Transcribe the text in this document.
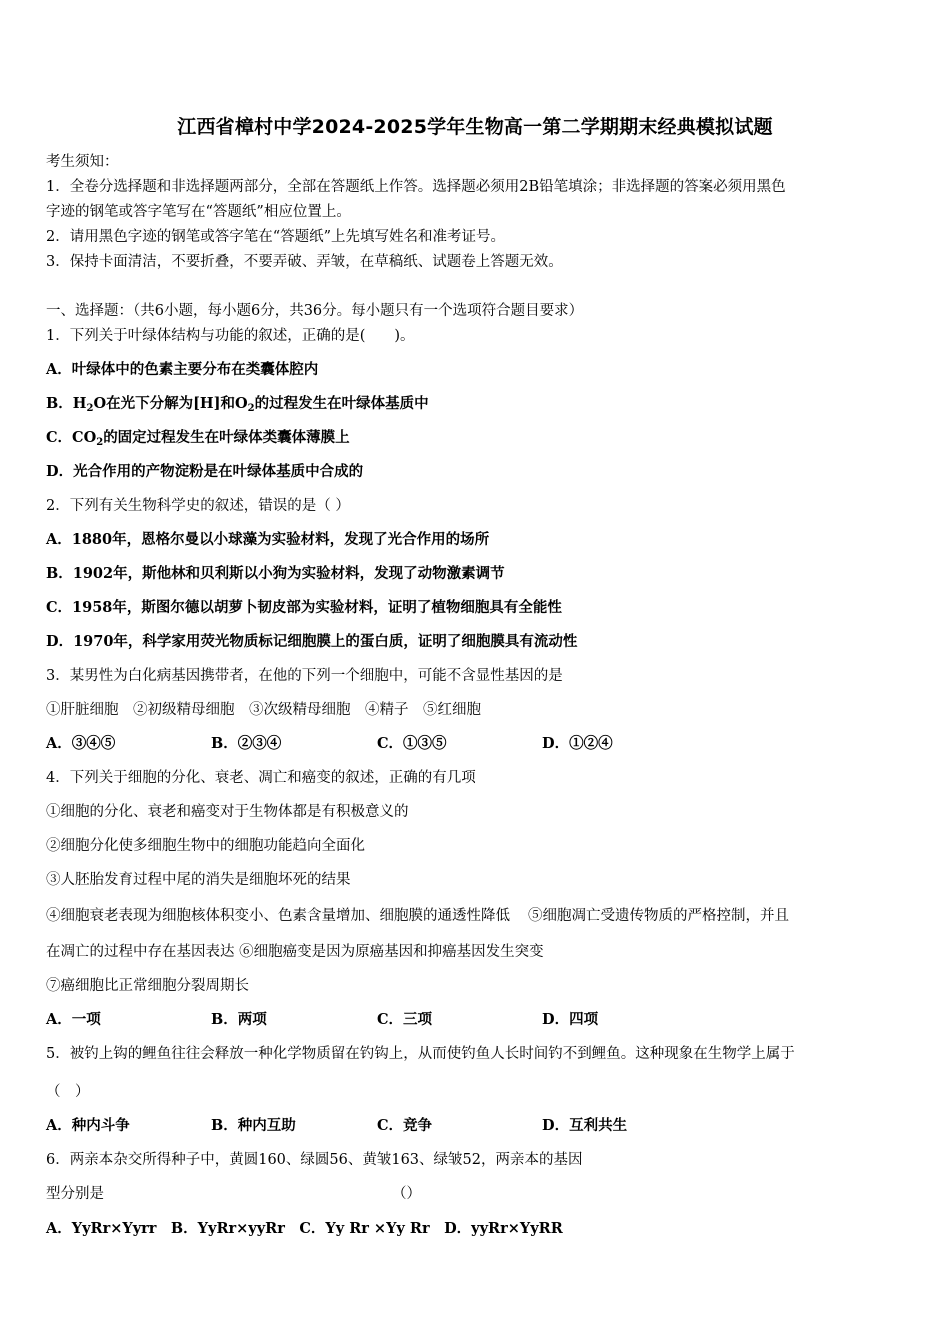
江西省樟村中学2024-2025学年生物高一第二学期期末经典模拟试题
考生须知：
1．全卷分选择题和非选择题两部分，全部在答题纸上作答。选择题必须用2B铅笔填涂；非选择题的答案必须用黑色
字迹的钢笔或答字笔写在“答题纸”相应位置上。
2．请用黑色字迹的钢笔或答字笔在“答题纸”上先填写姓名和准考证号。
3．保持卡面清洁，不要折叠，不要弄破、弄皱，在草稿纸、试题卷上答题无效。
一、选择题：（共6小题，每小题6分，共36分。每小题只有一个选项符合题目要求）
1．下列关于叶绿体结构与功能的叙述，正确的是(　　)。
A．叶绿体中的色素主要分布在类囊体腔内
B．$H_2O$在光下分解为[H]和$O_2$的过程发生在叶绿体基质中
C．$CO_2$的固定过程发生在叶绿体类囊体薄膜上
D．光合作用的产物淀粉是在叶绿体基质中合成的
2．下列有关生物科学史的叙述，错误的是（ ）
A．1880年，恩格尔曼以小球藻为实验材料，发现了光合作用的场所
B．1902年，斯他林和贝利斯以小狗为实验材料，发现了动物激素调节
C．1958年，斯图尔德以胡萝卜韧皮部为实验材料，证明了植物细胞具有全能性
D．1970年，科学家用荧光物质标记细胞膜上的蛋白质，证明了细胞膜具有流动性
3．某男性为白化病基因携带者，在他的下列一个细胞中，可能不含显性基因的是
①肝脏细胞　②初级精母细胞　③次级精母细胞　④精子　⑤红细胞
A．③④⑤	B．②③④	C．①③⑤	D．①②④
4．下列关于细胞的分化、衰老、凋亡和癌变的叙述，正确的有几项
①细胞的分化、衰老和癌变对于生物体都是有积极意义的
②细胞分化使多细胞生物中的细胞功能趋向全面化
③人胚胎发育过程中尾的消失是细胞坏死的结果
④细胞衰老表现为细胞核体积变小、色素含量增加、细胞膜的通透性降低 ⑤细胞凋亡受遗传物质的严格控制，并且
在凋亡的过程中存在基因表达 ⑥细胞癌变是因为原癌基因和抑癌基因发生突变
⑦癌细胞比正常细胞分裂周期长
A．一项	B．两项	C．三项	D．四项
5．被钓上钩的鲤鱼往往会释放一种化学物质留在钓钩上，从而使钓鱼人长时间钓不到鲤鱼。这种现象在生物学上属于
（　）
A．种内斗争	B．种内互助	C．竞争	D．互利共生
6．两亲本杂交所得种子中，黄圆160、绿圆56、黄皱163、绿皱52，两亲本的基因
型分别是	（）
A．YyRr×Yyrr　B．YyRr×yyRr　C．Yy Rr ×Yy Rr　D．yyRr×YyRR
